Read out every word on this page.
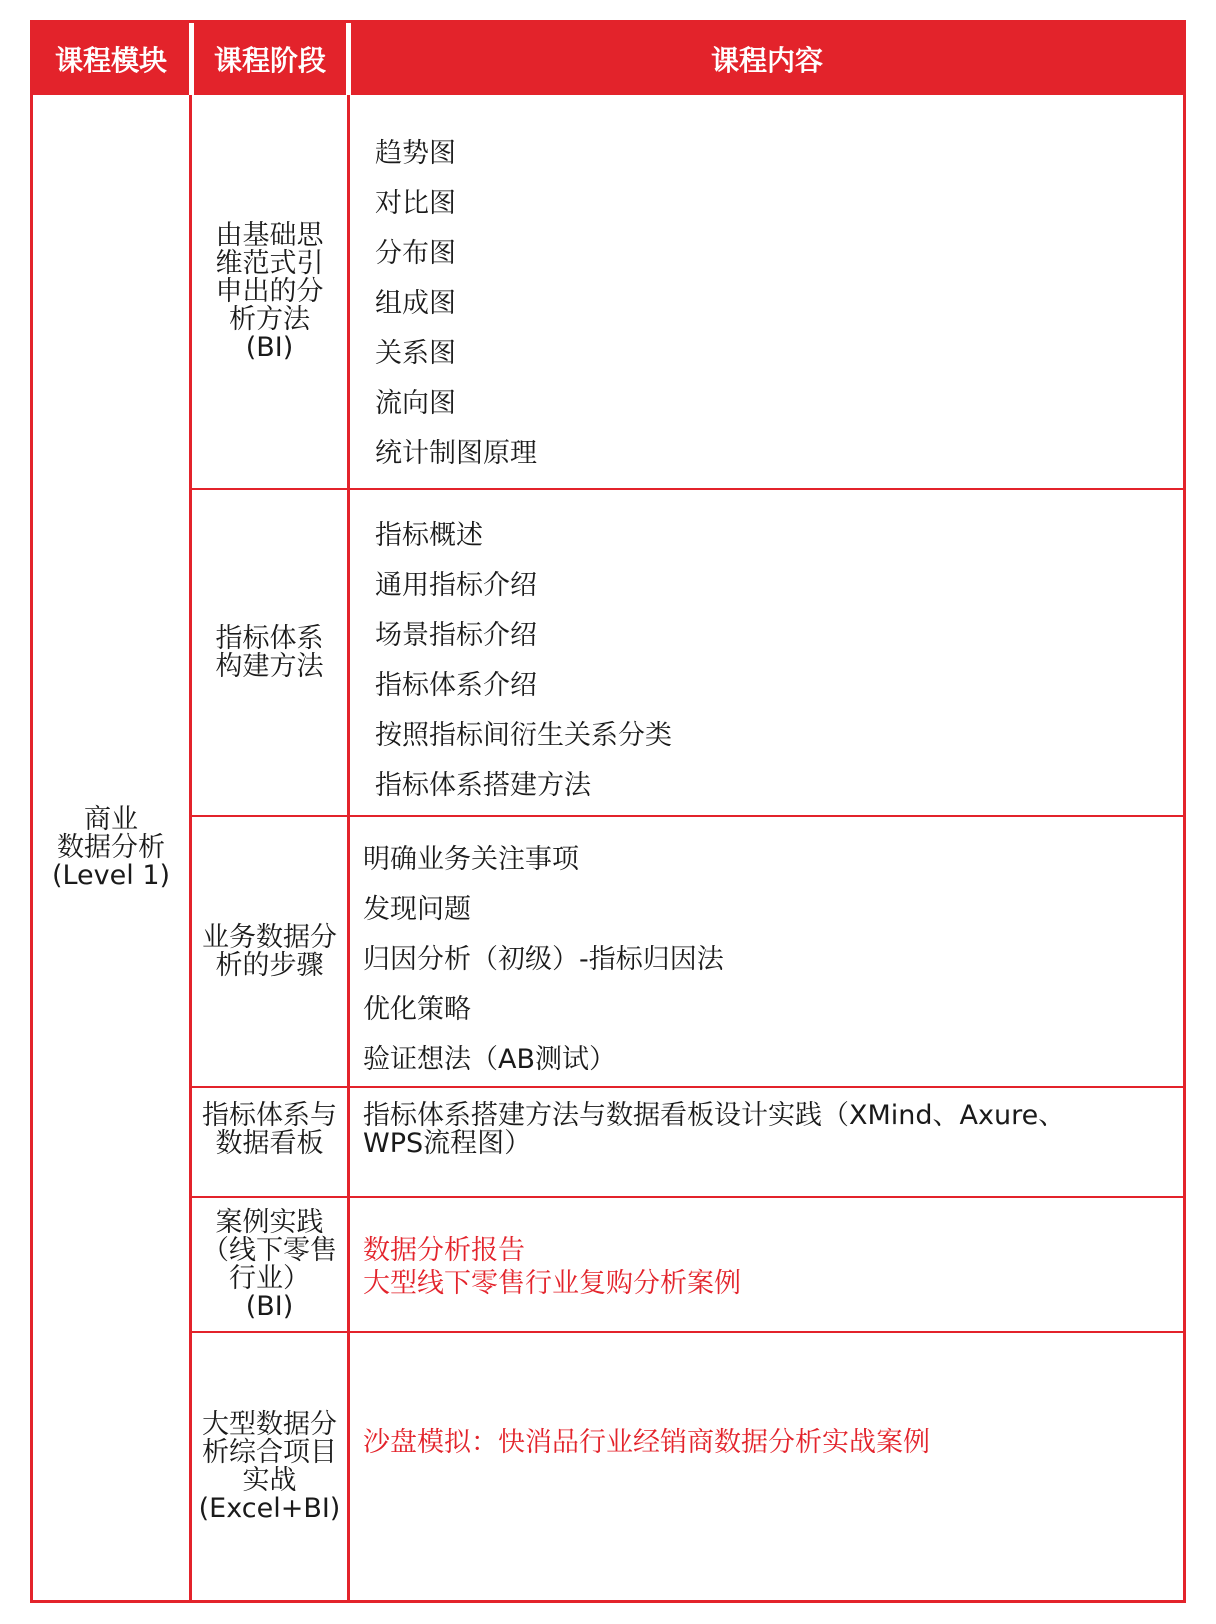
课程模块	课程阶段	课程内容
商业
数据分析
(Level 1)
由基础思
维范式引
申出的分
析方法
(BI)
趋势图
对比图
分布图
组成图
关系图
流向图
统计制图原理
指标体系
构建方法
指标概述
通用指标介绍
场景指标介绍
指标体系介绍
按照指标间衍生关系分类
指标体系搭建方法
业务数据分
析的步骤
明确业务关注事项
发现问题
归因分析（初级）-指标归因法
优化策略
验证想法（AB测试）
指标体系与
数据看板
指标体系搭建方法与数据看板设计实践（XMind、Axure、
WPS流程图）
案例实践
（线下零售
行业）
(BI)
数据分析报告
大型线下零售行业复购分析案例
大型数据分
析综合项目
实战
(Excel+BI)
沙盘模拟：快消品行业经销商数据分析实战案例
